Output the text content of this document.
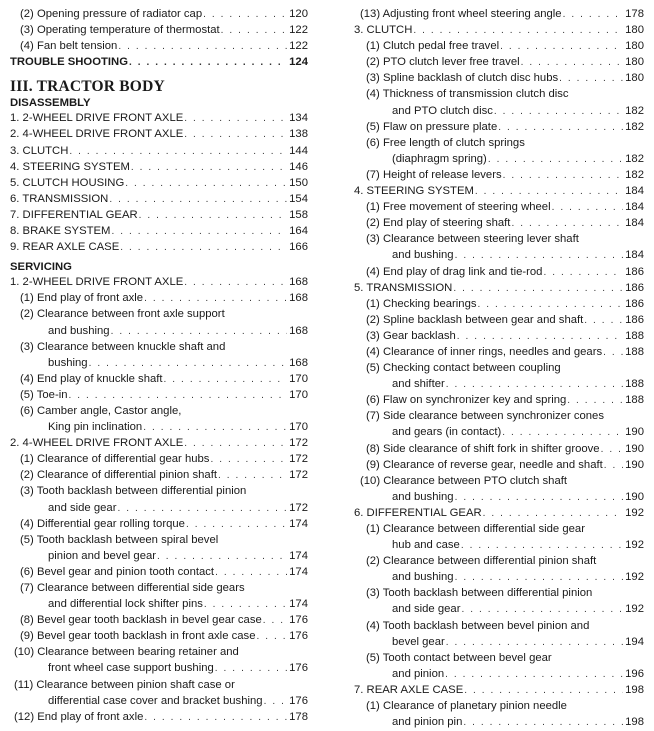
(2) Opening pressure of radiator cap . . .	120
(3) Operating temperature of thermostat . . .	122
(4) Fan belt tension . . .	122
TROUBLE SHOOTING . . .	124
III. TRACTOR BODY
DISASSEMBLY
1. 2-WHEEL DRIVE FRONT AXLE . . .	134
2. 4-WHEEL DRIVE FRONT AXLE . . .	138
3. CLUTCH . . .	144
4. STEERING SYSTEM . . .	146
5. CLUTCH HOUSING . . .	150
6. TRANSMISSION . . .	154
7. DIFFERENTIAL GEAR . . .	158
8. BRAKE SYSTEM . . .	164
9. REAR AXLE CASE . . .	166
SERVICING
1. 2-WHEEL DRIVE FRONT AXLE . . .	168
(1) End play of front axle . . .	168
(2) Clearance between front axle support
and bushing . . .	168
(3) Clearance between knuckle shaft and
bushing . . .	168
(4) End play of knuckle shaft . . .	170
(5) Toe-in . . .	170
(6) Camber angle, Castor angle,
King pin inclination . . .	170
2. 4-WHEEL DRIVE FRONT AXLE . . .	172
(1) Clearance of differential gear hubs . . .	172
(2) Clearance of differential pinion shaft . . .	172
(3) Tooth backlash between differential pinion
and side gear . . .	172
(4) Differential gear rolling torque . . .	174
(5) Tooth backlash between spiral bevel
pinion and bevel gear . . .	174
(6) Bevel gear and pinion tooth contact . . .	174
(7) Clearance between differential side gears
and differential lock shifter pins . . .	174
(8) Bevel gear tooth backlash in bevel gear case . . . 176
(9) Bevel gear tooth backlash in front axle case . . .	176
(10) Clearance between bearing retainer and
front wheel case support bushing . . .	176
(11) Clearance between pinion shaft case or
differential case cover and bracket bushing . . . 176
(12) End play of front axle . . .	178
(13) Adjusting front wheel steering angle . . .	178
3. CLUTCH . . .	180
(1) Clutch pedal free travel . . .	180
(2) PTO clutch lever free travel . . .	180
(3) Spline backlash of clutch disc hubs . . .	180
(4) Thickness of transmission clutch disc
and PTO clutch disc . . .	182
(5) Flaw on pressure plate . . .	182
(6) Free length of clutch springs
(diaphragm spring) . . .	182
(7) Height of release levers . . .	182
4. STEERING SYSTEM . . .	184
(1) Free movement of steering wheel . . .	184
(2) End play of steering shaft . . .	184
(3) Clearance between steering lever shaft
and bushing . . .	184
(4) End play of drag link and tie-rod . . .	186
5. TRANSMISSION . . .	186
(1) Checking bearings . . .	186
(2) Spline backlash between gear and shaft . . .	186
(3) Gear backlash . . .	188
(4) Clearance of inner rings, needles and gears . . . 188
(5) Checking contact between coupling
and shifter . . .	188
(6) Flaw on synchronizer key and spring . . .	188
(7) Side clearance between synchronizer cones
and gears (in contact) . . .	190
(8) Side clearance of shift fork in shifter groove . . . 190
(9) Clearance of reverse gear, needle and shaft . . . 190
(10) Clearance between PTO clutch shaft
and bushing . . .	190
6. DIFFERENTIAL GEAR . . .	192
(1) Clearance between differential side gear
hub and case . . .	192
(2) Clearance between differential pinion shaft
and bushing . . .	192
(3) Tooth backlash between differential pinion
and side gear . . .	192
(4) Tooth backlash between bevel pinion and
bevel gear . . .	194
(5) Tooth contact between bevel gear
and pinion . . .	196
7. REAR AXLE CASE . . .	198
(1) Clearance of planetary pinion needle
and pinion pin . . .	198
